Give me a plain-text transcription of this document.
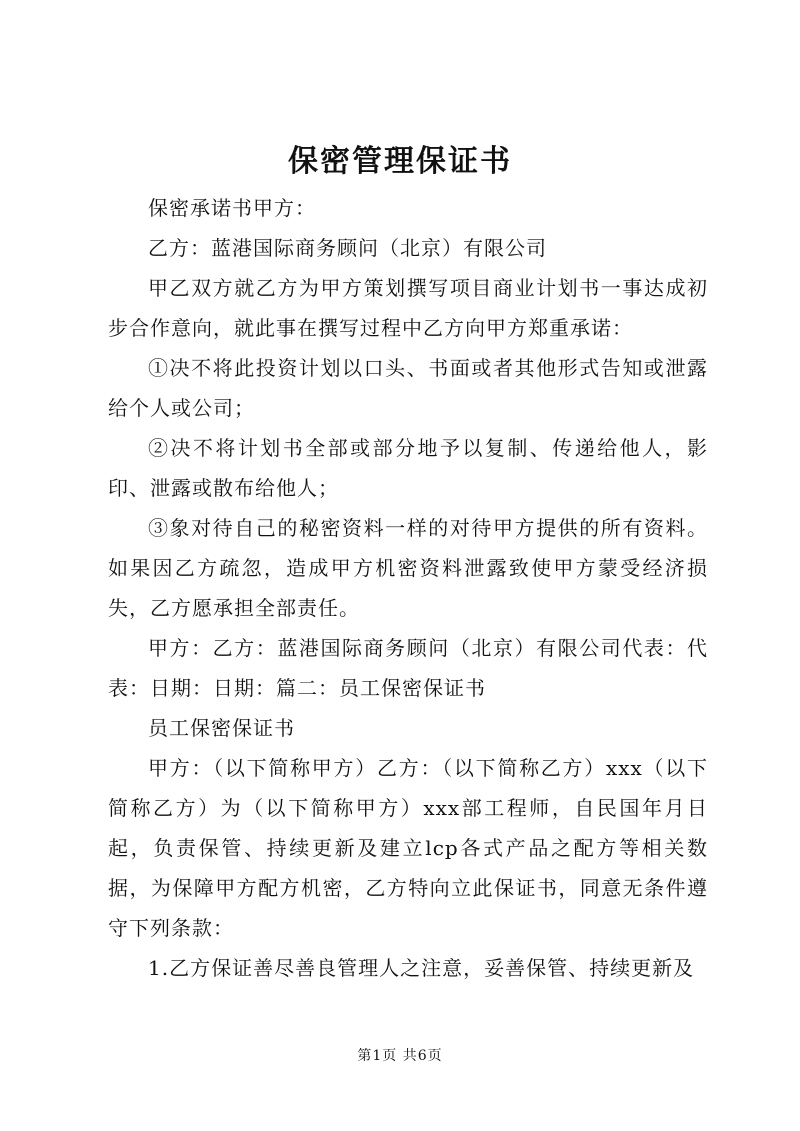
保密管理保证书

保密承诺书甲方：

乙方：蓝港国际商务顾问（北京）有限公司

甲乙双方就乙方为甲方策划撰写项目商业计划书一事达成初步合作意向，就此事在撰写过程中乙方向甲方郑重承诺：

①决不将此投资计划以口头、书面或者其他形式告知或泄露给个人或公司；

②决不将计划书全部或部分地予以复制、传递给他人，影印、泄露或散布给他人；

③象对待自己的秘密资料一样的对待甲方提供的所有资料。如果因乙方疏忽，造成甲方机密资料泄露致使甲方蒙受经济损失，乙方愿承担全部责任。

甲方：乙方：蓝港国际商务顾问（北京）有限公司代表：代表：日期：日期：篇二：员工保密保证书

员工保密保证书

甲方：（以下简称甲方）乙方：（以下简称乙方）xxx（以下简称乙方）为（以下简称甲方）xxx部工程师，自民国年月日起，负责保管、持续更新及建立lcp各式产品之配方等相关数据，为保障甲方配方机密，乙方特向立此保证书，同意无条件遵守下列条款：

1.乙方保证善尽善良管理人之注意，妥善保管、持续更新及

第1页 共6页
